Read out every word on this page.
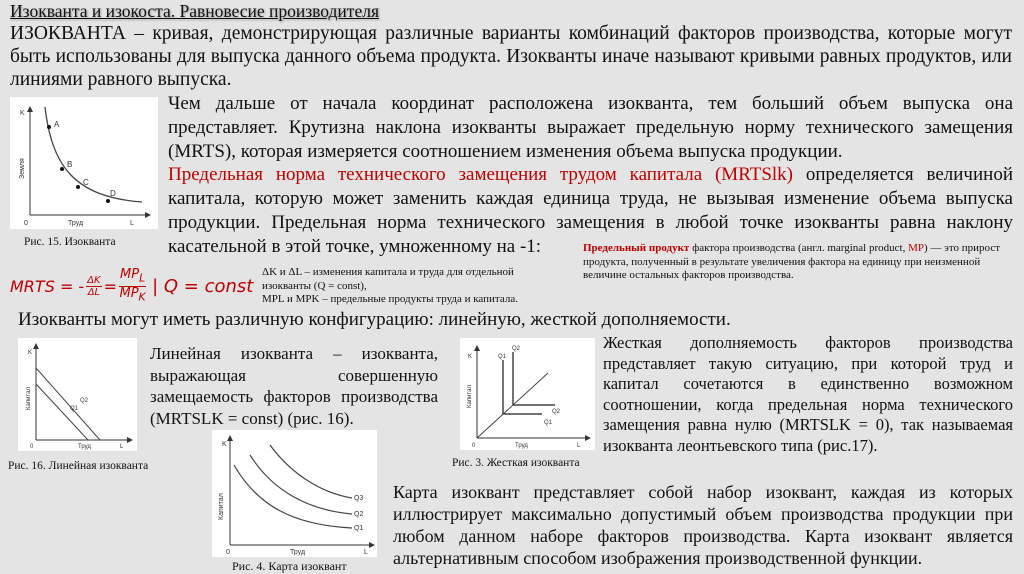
Изокванта и изокоста. Равновесие производителя
ИЗОКВАНТА – кривая, демонстрирующая различные варианты комбинаций факторов производства, которые могут быть использованы для выпуска данного объема продукта. Изокванты иначе называют кривыми равных продуктов, или линиями равного выпуска.
A
B
C
D
K
0	L
Труд
Земля
Рис. 15. Изокванта
Чем дальше от начала координат расположена изокванта, тем больший объем выпуска она представляет. Крутизна наклона изокванты выражает предельную норму технического замещения (MRTS), которая измеряется соотношением изменения объема выпуска продукции.
Предельная норма технического замещения трудом капитала (MRTSlk) определяется величиной капитала, которую может заменить каждая единица труда, не вызывая изменение объема выпуска продукции. Предельная норма технического замещения в любой точке изокванты равна наклону касательной в этой точке, умноженному на -1:
MRTS = - $\frac{\Delta K}{\Delta L} = \frac{MP_L}{MP_K}$ | Q = const
ΔK и ΔL – изменения капитала и труда для отдельной изокванты (Q = const),
MPL и MPK – предельные продукты труда и капитала.
Предельный продукт фактора производства (англ. marginal product, MP) — это прирост продукта, полученный в результате увеличения фактора на единицу при неизменной величине остальных факторов производства.
Изокванты могут иметь различную конфигурацию: линейную, жесткой дополняемости.
K
0	L
Труд
Q1
Q2
Капитал
Рис. 16. Линейная изокванта
Линейная изокванта – изокванта, выражающая совершенную замещаемость факторов производства (MRTSLK = const) (рис. 16).
K
0	L
Труд
Q1
Q2
Q1
Q2
Капитал
Рис. 3. Жесткая изокванта
Жесткая дополняемость факторов производства представляет такую ситуацию, при которой труд и капитал сочетаются в единственно возможном соотношении, когда предельная норма технического замещения равна нулю (MRTSLK = 0), так называемая изокванта леонтьевского типа (рис.17).
K
0	L
Труд
Q1
Q2
Q3
Капитал
Рис. 4. Карта изоквант
Карта изоквант представляет собой набор изоквант, каждая из которых иллюстрирует максимально допустимый объем производства продукции при любом данном наборе факторов производства. Карта изоквант является альтернативным способом изображения производственной функции.
